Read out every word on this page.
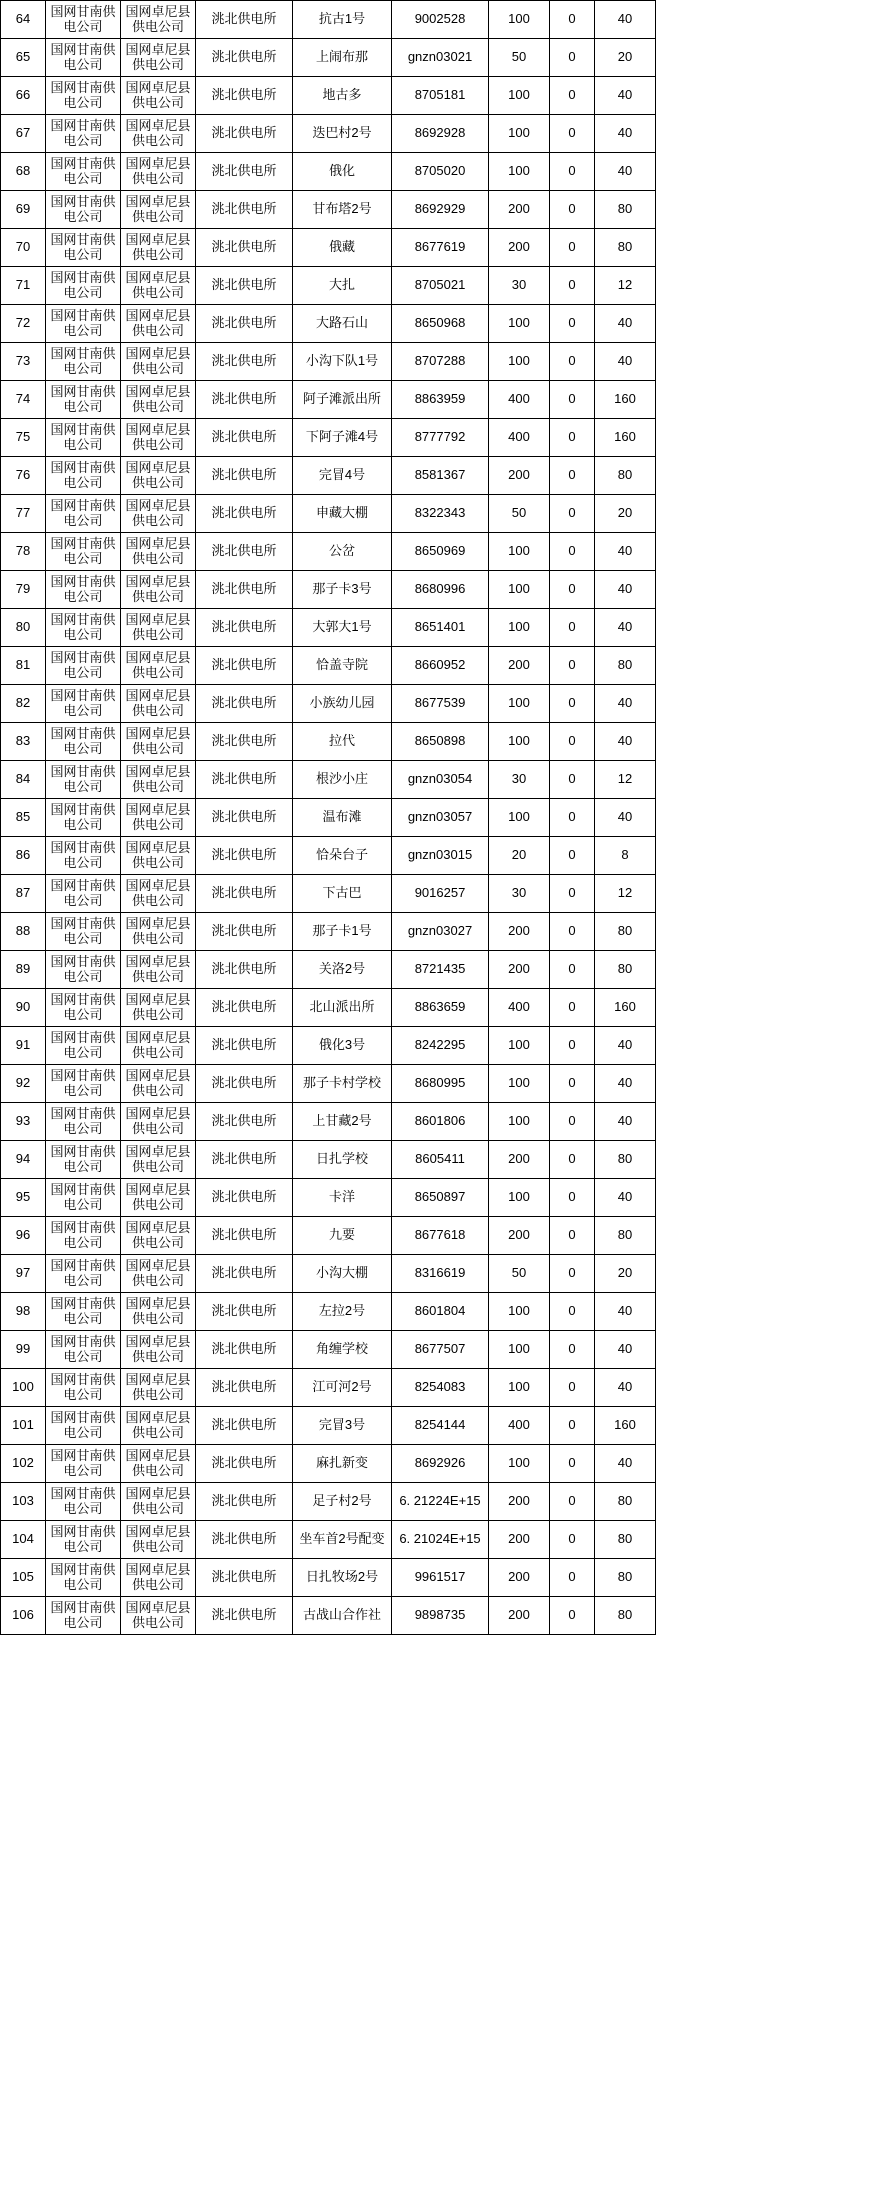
64	国网甘南供电公司	国网卓尼县供电公司	洮北供电所	抗古1号	9002528	100	0	40
65	国网甘南供电公司	国网卓尼县供电公司	洮北供电所	上闹布那	gnzn03021	50	0	20
66	国网甘南供电公司	国网卓尼县供电公司	洮北供电所	地古多	8705181	100	0	40
67	国网甘南供电公司	国网卓尼县供电公司	洮北供电所	迭巴村2号	8692928	100	0	40
68	国网甘南供电公司	国网卓尼县供电公司	洮北供电所	俄化	8705020	100	0	40
69	国网甘南供电公司	国网卓尼县供电公司	洮北供电所	甘布塔2号	8692929	200	0	80
70	国网甘南供电公司	国网卓尼县供电公司	洮北供电所	俄藏	8677619	200	0	80
71	国网甘南供电公司	国网卓尼县供电公司	洮北供电所	大扎	8705021	30	0	12
72	国网甘南供电公司	国网卓尼县供电公司	洮北供电所	大路石山	8650968	100	0	40
73	国网甘南供电公司	国网卓尼县供电公司	洮北供电所	小沟下队1号	8707288	100	0	40
74	国网甘南供电公司	国网卓尼县供电公司	洮北供电所	阿子滩派出所	8863959	400	0	160
75	国网甘南供电公司	国网卓尼县供电公司	洮北供电所	下阿子滩4号	8777792	400	0	160
76	国网甘南供电公司	国网卓尼县供电公司	洮北供电所	完冒4号	8581367	200	0	80
77	国网甘南供电公司	国网卓尼县供电公司	洮北供电所	申藏大棚	8322343	50	0	20
78	国网甘南供电公司	国网卓尼县供电公司	洮北供电所	公岔	8650969	100	0	40
79	国网甘南供电公司	国网卓尼县供电公司	洮北供电所	那子卡3号	8680996	100	0	40
80	国网甘南供电公司	国网卓尼县供电公司	洮北供电所	大郭大1号	8651401	100	0	40
81	国网甘南供电公司	国网卓尼县供电公司	洮北供电所	恰盖寺院	8660952	200	0	80
82	国网甘南供电公司	国网卓尼县供电公司	洮北供电所	小族幼儿园	8677539	100	0	40
83	国网甘南供电公司	国网卓尼县供电公司	洮北供电所	拉代	8650898	100	0	40
84	国网甘南供电公司	国网卓尼县供电公司	洮北供电所	根沙小庄	gnzn03054	30	0	12
85	国网甘南供电公司	国网卓尼县供电公司	洮北供电所	温布滩	gnzn03057	100	0	40
86	国网甘南供电公司	国网卓尼县供电公司	洮北供电所	恰朵台子	gnzn03015	20	0	8
87	国网甘南供电公司	国网卓尼县供电公司	洮北供电所	下古巴	9016257	30	0	12
88	国网甘南供电公司	国网卓尼县供电公司	洮北供电所	那子卡1号	gnzn03027	200	0	80
89	国网甘南供电公司	国网卓尼县供电公司	洮北供电所	关洛2号	8721435	200	0	80
90	国网甘南供电公司	国网卓尼县供电公司	洮北供电所	北山派出所	8863659	400	0	160
91	国网甘南供电公司	国网卓尼县供电公司	洮北供电所	俄化3号	8242295	100	0	40
92	国网甘南供电公司	国网卓尼县供电公司	洮北供电所	那子卡村学校	8680995	100	0	40
93	国网甘南供电公司	国网卓尼县供电公司	洮北供电所	上甘藏2号	8601806	100	0	40
94	国网甘南供电公司	国网卓尼县供电公司	洮北供电所	日扎学校	8605411	200	0	80
95	国网甘南供电公司	国网卓尼县供电公司	洮北供电所	卡洋	8650897	100	0	40
96	国网甘南供电公司	国网卓尼县供电公司	洮北供电所	九要	8677618	200	0	80
97	国网甘南供电公司	国网卓尼县供电公司	洮北供电所	小沟大棚	8316619	50	0	20
98	国网甘南供电公司	国网卓尼县供电公司	洮北供电所	左拉2号	8601804	100	0	40
99	国网甘南供电公司	国网卓尼县供电公司	洮北供电所	角缠学校	8677507	100	0	40
100	国网甘南供电公司	国网卓尼县供电公司	洮北供电所	江可河2号	8254083	100	0	40
101	国网甘南供电公司	国网卓尼县供电公司	洮北供电所	完冒3号	8254144	400	0	160
102	国网甘南供电公司	国网卓尼县供电公司	洮北供电所	麻扎新变	8692926	100	0	40
103	国网甘南供电公司	国网卓尼县供电公司	洮北供电所	足子村2号	6. 21224E+15	200	0	80
104	国网甘南供电公司	国网卓尼县供电公司	洮北供电所	坐车首2号配变	6. 21024E+15	200	0	80
105	国网甘南供电公司	国网卓尼县供电公司	洮北供电所	日扎牧场2号	9961517	200	0	80
106	国网甘南供电公司	国网卓尼县供电公司	洮北供电所	古战山合作社	9898735	200	0	80
